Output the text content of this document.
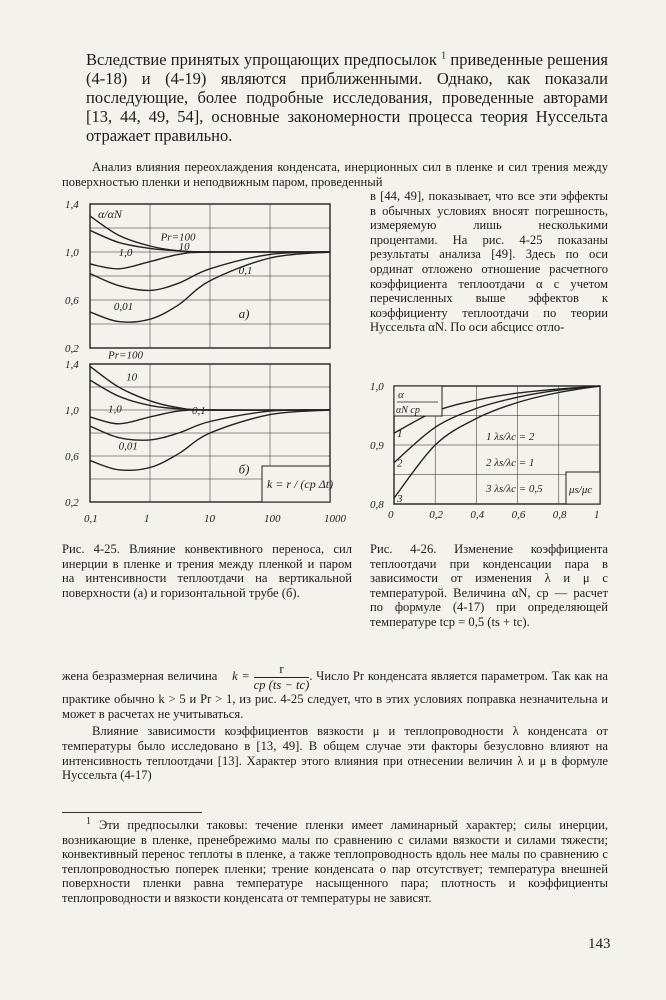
Вследствие принятых упрощающих предпосылок $^1$ приведенные решения (4-18) и (4-19) являются приближенными. Однако, как показали последующие, более подробные исследования, проведенные авторами [13, 44, 49, 54], основные закономерности процесса теория Нуссельта отражает правильно.
Анализ влияния переохлаждения конденсата, инерционных сил в пленке и сил трения между поверхностью пленки и неподвижным паром, проведенный
в [44, 49], показывает, что все эти эффекты в обычных условиях вносят погрешность, измеряемую лишь несколькими процентами. На рис. 4-25 показаны результаты анализа [49]. Здесь по оси ординат отложено отношение расчетного коэффициента теплоотдачи α с учетом перечисленных выше эффектов к коэффициенту теплоотдачи по теории Нуссельта αN. По оси абсцисс отло-
1,4
1,0
0,6
0,2
Pr=100
10
1,0
0,1
0,01	а)
1,4
1,0
0,6
0,2
Pr=100
10
1,0	0,1
0,01
б)
α/αN
k = r / (cp Δt)
0,1	1	10	100	1000
1,0
0,9
0,8
0	0,2 0,4 0,6 0,8 1
1
2
3
α
αN ср
1 λs/λc = 2
2 λs/λc = 1
3 λs/λc = 0,5 μs/μc
Рис. 4-25. Влияние конвективного переноса, сил инерции в пленке и трения между пленкой и паром на интенсивности теплоотдачи на вертикальной поверхности (а) и горизонтальной трубе (б).
Рис. 4-26. Изменение коэффициента теплоотдачи при конденсации пара в зависимости от изменения λ и μ с температурой. Величина αN, ср — расчет по формуле (4-17) при определяющей температуре tср = 0,5 (ts + tc).
жена безразмерная величина $k = \frac{r}{cp (ts - tc)}$ . Число Pr конденсата является параметром. Так как на практике обычно k > 5 и Pr > 1, из рис. 4-25 следует, что в этих условиях поправка незначительна и может в расчетах не учитываться.
Влияние зависимости коэффициентов вязкости μ и теплопроводности λ конденсата от температуры было исследовано в [13, 49]. В общем случае эти факторы безусловно влияют на интенсивность теплоотдачи [13]. Характер этого влияния при отнесении величин λ и μ в формуле Нуссельта (4-17)
$^1$ Эти предпосылки таковы: течение пленки имеет ламинарный характер; силы инерции, возникающие в пленке, пренебрежимо малы по сравнению с силами вязкости и силами тяжести; конвективный перенос теплоты в пленке, а также теплопроводность вдоль нее малы по сравнению с теплопроводностью поперек пленки; трение конденсата о пар отсутствует; температура внешней поверхности пленки равна температуре насыщенного пара; плотность и коэффициенты теплопроводности и вязкости конденсата от температуры не зависят.
143
